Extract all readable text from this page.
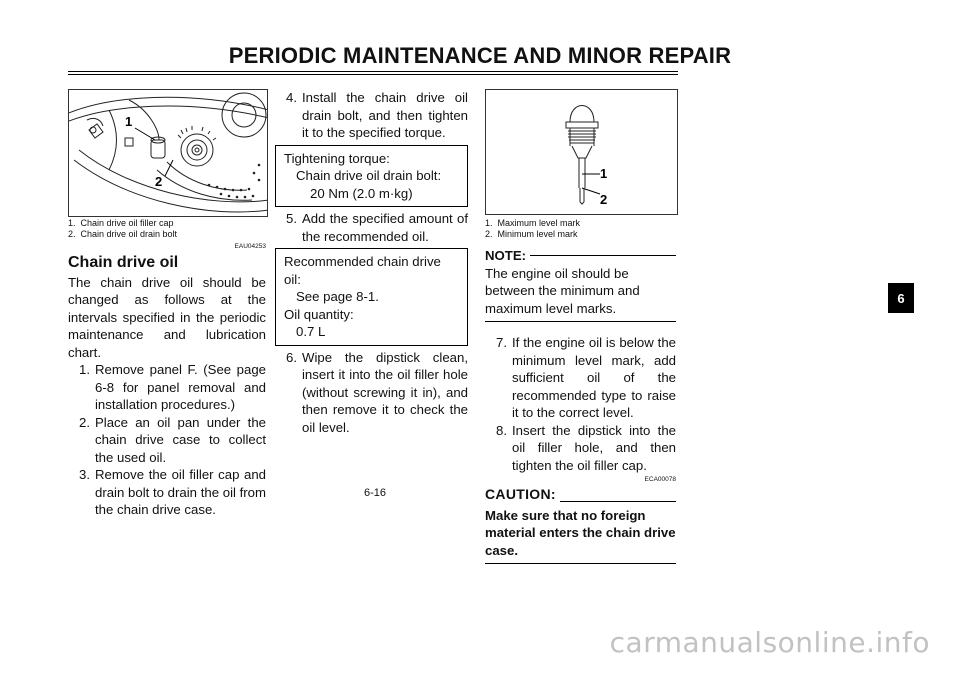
PERIODIC MAINTENANCE AND MINOR REPAIR
1
2
1.  Chain drive oil filler cap
2.  Chain drive oil drain bolt
EAU04253
Chain drive oil
The chain drive oil should be changed as follows at the intervals specified in the periodic maintenance and lubrication chart.
1. Remove panel F. (See page 6-8 for panel removal and installation procedures.)
2. Place an oil pan under the chain drive case to collect the used oil.
3. Remove the oil filler cap and drain bolt to drain the oil from the chain drive case.
4. Install the chain drive oil drain bolt, and then tighten it to the specified torque.
Tightening torque:
Chain drive oil drain bolt:
20 Nm (2.0 m·kg)
5. Add the specified amount of the recommended oil.
Recommended chain drive oil:
See page 8-1.
Oil quantity:
0.7 L
6. Wipe the dipstick clean, insert it into the oil filler hole (without screwing it in), and then remove it to check the oil level.
1
2
1.  Maximum level mark
2.  Minimum level mark
NOTE:
The engine oil should be between the minimum and maximum level marks.
7. If the engine oil is below the minimum level mark, add sufficient oil of the recommended type to raise it to the correct level.
8. Insert the dipstick into the oil filler hole, and then tighten the oil filler cap.
ECA00078
CAUTION:
Make sure that no foreign material enters the chain drive case.
6
6-16
carmanualsonline.info
